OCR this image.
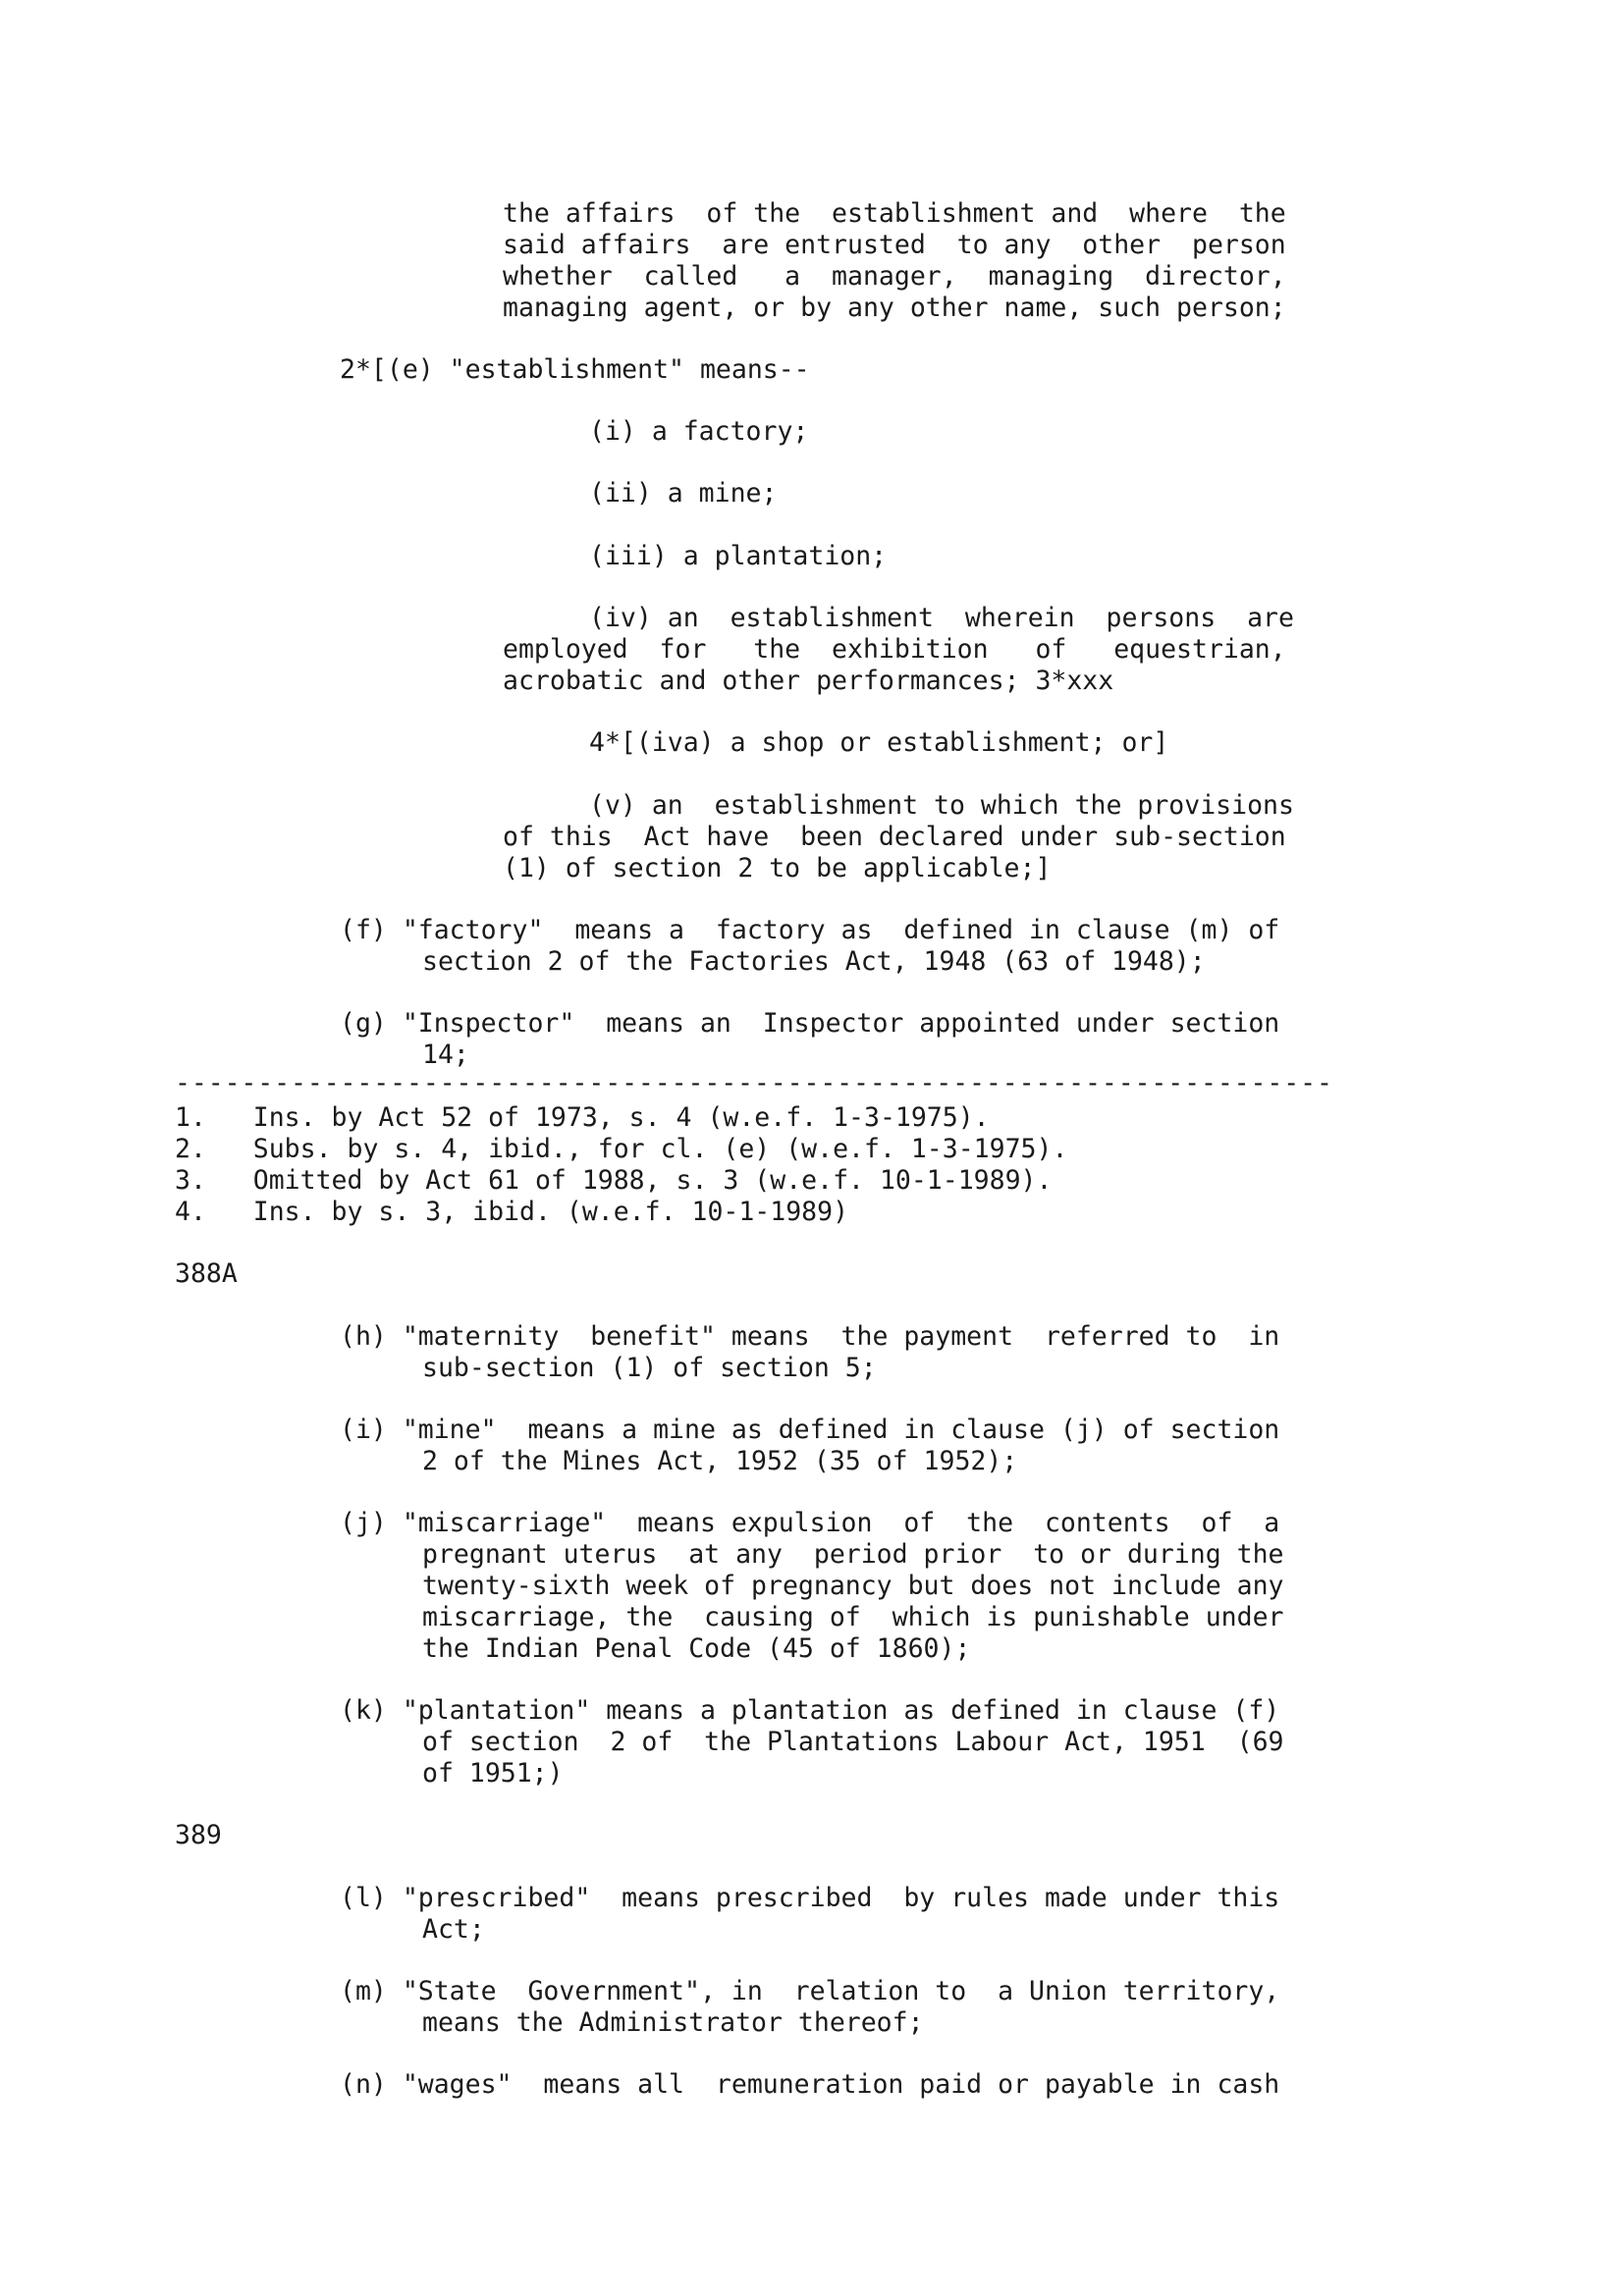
the affairs  of the  establishment and  where  the
said affairs  are entrusted  to any  other  person
whether  called   a  manager,  managing  director,
managing agent, or by any other name, such person;
2*[(e) "establishment" means--
(i) a factory;
(ii) a mine;
(iii) a plantation;
(iv) an  establishment  wherein  persons  are
employed  for   the  exhibition   of   equestrian,
acrobatic and other performances; 3*xxx
4*[(iva) a shop or establishment; or]
(v) an  establishment to which the provisions
of this  Act have  been declared under sub-section
(1) of section 2 to be applicable;]
(f) "factory"  means a  factory as  defined in clause (m) of
section 2 of the Factories Act, 1948 (63 of 1948);
(g) "Inspector"  means an  Inspector appointed under section
14;
----------------------------------------------------------------------
1.   Ins. by Act 52 of 1973, s. 4 (w.e.f. 1-3-1975).
2.   Subs. by s. 4, ibid., for cl. (e) (w.e.f. 1-3-1975).
3.   Omitted by Act 61 of 1988, s. 3 (w.e.f. 10-1-1989).
4.   Ins. by s. 3, ibid. (w.e.f. 10-1-1989)
388A
(h) "maternity  benefit" means  the payment  referred to  in
sub-section (1) of section 5;
(i) "mine"  means a mine as defined in clause (j) of section
2 of the Mines Act, 1952 (35 of 1952);
(j) "miscarriage"  means expulsion  of  the  contents  of  a
pregnant uterus  at any  period prior  to or during the
twenty-sixth week of pregnancy but does not include any
miscarriage, the  causing of  which is punishable under
the Indian Penal Code (45 of 1860);
(k) "plantation" means a plantation as defined in clause (f)
of section  2 of  the Plantations Labour Act, 1951  (69
of 1951;)
389
(l) "prescribed"  means prescribed  by rules made under this
Act;
(m) "State  Government", in  relation to  a Union territory,
means the Administrator thereof;
(n) "wages"  means all  remuneration paid or payable in cash
